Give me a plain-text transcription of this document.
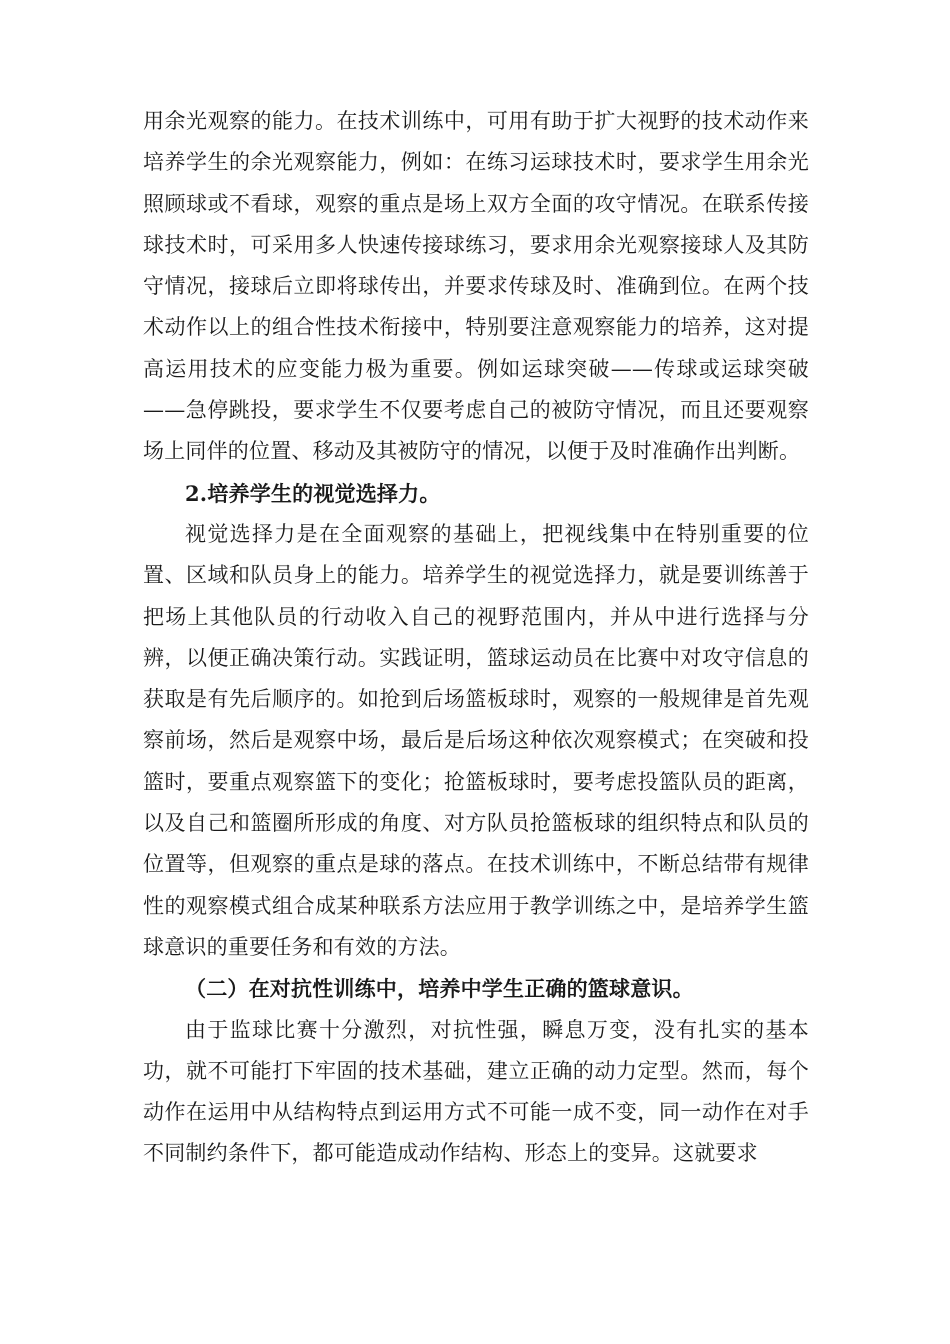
用余光观察的能力。在技术训练中，可用有助于扩大视野的技术动作来培养学生的余光观察能力，例如：在练习运球技术时，要求学生用余光照顾球或不看球，观察的重点是场上双方全面的攻守情况。在联系传接球技术时，可采用多人快速传接球练习，要求用余光观察接球人及其防守情况，接球后立即将球传出，并要求传球及时、准确到位。在两个技术动作以上的组合性技术衔接中，特别要注意观察能力的培养，这对提高运用技术的应变能力极为重要。例如运球突破——传球或运球突破——急停跳投，要求学生不仅要考虑自己的被防守情况，而且还要观察场上同伴的位置、移动及其被防守的情况，以便于及时准确作出判断。

2.培养学生的视觉选择力。

视觉选择力是在全面观察的基础上，把视线集中在特别重要的位置、区域和队员身上的能力。培养学生的视觉选择力，就是要训练善于把场上其他队员的行动收入自己的视野范围内，并从中进行选择与分辨，以便正确决策行动。实践证明，篮球运动员在比赛中对攻守信息的获取是有先后顺序的。如抢到后场篮板球时，观察的一般规律是首先观察前场，然后是观察中场，最后是后场这种依次观察模式；在突破和投篮时，要重点观察篮下的变化；抢篮板球时，要考虑投篮队员的距离，以及自己和篮圈所形成的角度、对方队员抢篮板球的组织特点和队员的位置等，但观察的重点是球的落点。在技术训练中，不断总结带有规律性的观察模式组合成某种联系方法应用于教学训练之中，是培养学生篮球意识的重要任务和有效的方法。

（二）在对抗性训练中，培养中学生正确的篮球意识。

由于监球比赛十分激烈，对抗性强，瞬息万变，没有扎实的基本功，就不可能打下牢固的技术基础，建立正确的动力定型。然而，每个动作在运用中从结构特点到运用方式不可能一成不变，同一动作在对手不同制约条件下，都可能造成动作结构、形态上的变异。这就要求
